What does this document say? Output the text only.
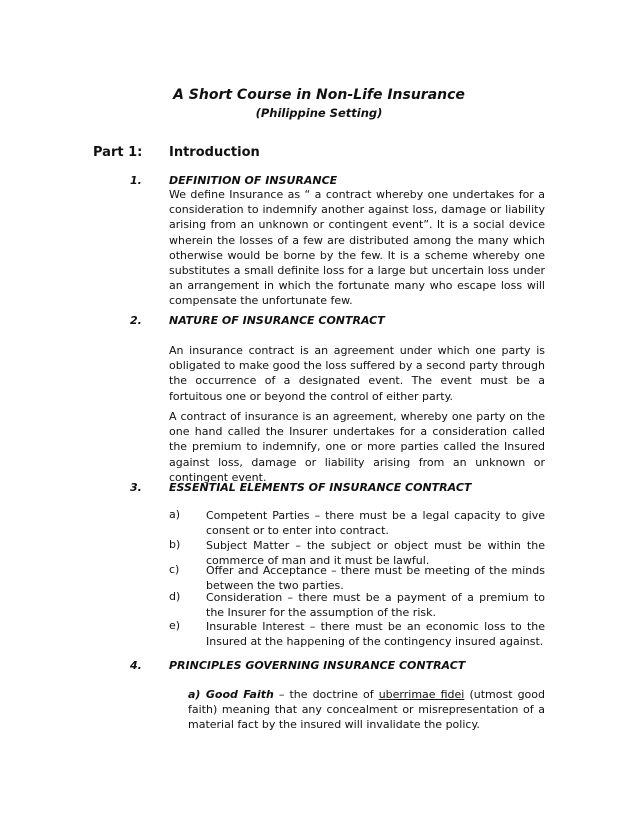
A Short Course in Non-Life Insurance
(Philippine Setting)
Part 1: Introduction
1. DEFINITION OF INSURANCE
We define Insurance as “ a contract whereby one undertakes for a consideration to indemnify another against loss, damage or liability arising from an unknown or contingent event”. It is a social device wherein the losses of a few are distributed among the many which otherwise would be borne by the few. It is a scheme whereby one substitutes a small definite loss for a large but uncertain loss under an arrangement in which the fortunate many who escape loss will compensate the unfortunate few.
2. NATURE OF INSURANCE CONTRACT
An insurance contract is an agreement under which one party is obligated to make good the loss suffered by a second party through the occurrence of a designated event. The event must be a fortuitous one or beyond the control of either party.
A contract of insurance is an agreement, whereby one party on the one hand called the Insurer undertakes for a consideration called the premium to indemnify, one or more parties called the Insured against loss, damage or liability arising from an unknown or contingent event.
3. ESSENTIAL ELEMENTS OF INSURANCE CONTRACT
a) Competent Parties – there must be a legal capacity to give consent or to enter into contract.
b) Subject Matter – the subject or object must be within the commerce of man and it must be lawful.
c) Offer and Acceptance – there must be meeting of the minds between the two parties.
d) Consideration – there must be a payment of a premium to the Insurer for the assumption of the risk.
e) Insurable Interest – there must be an economic loss to the Insured at the happening of the contingency insured against.
4. PRINCIPLES GOVERNING INSURANCE CONTRACT
a) Good Faith – the doctrine of uberrimae fidei (utmost good faith) meaning that any concealment or misrepresentation of a material fact by the insured will invalidate the policy.
